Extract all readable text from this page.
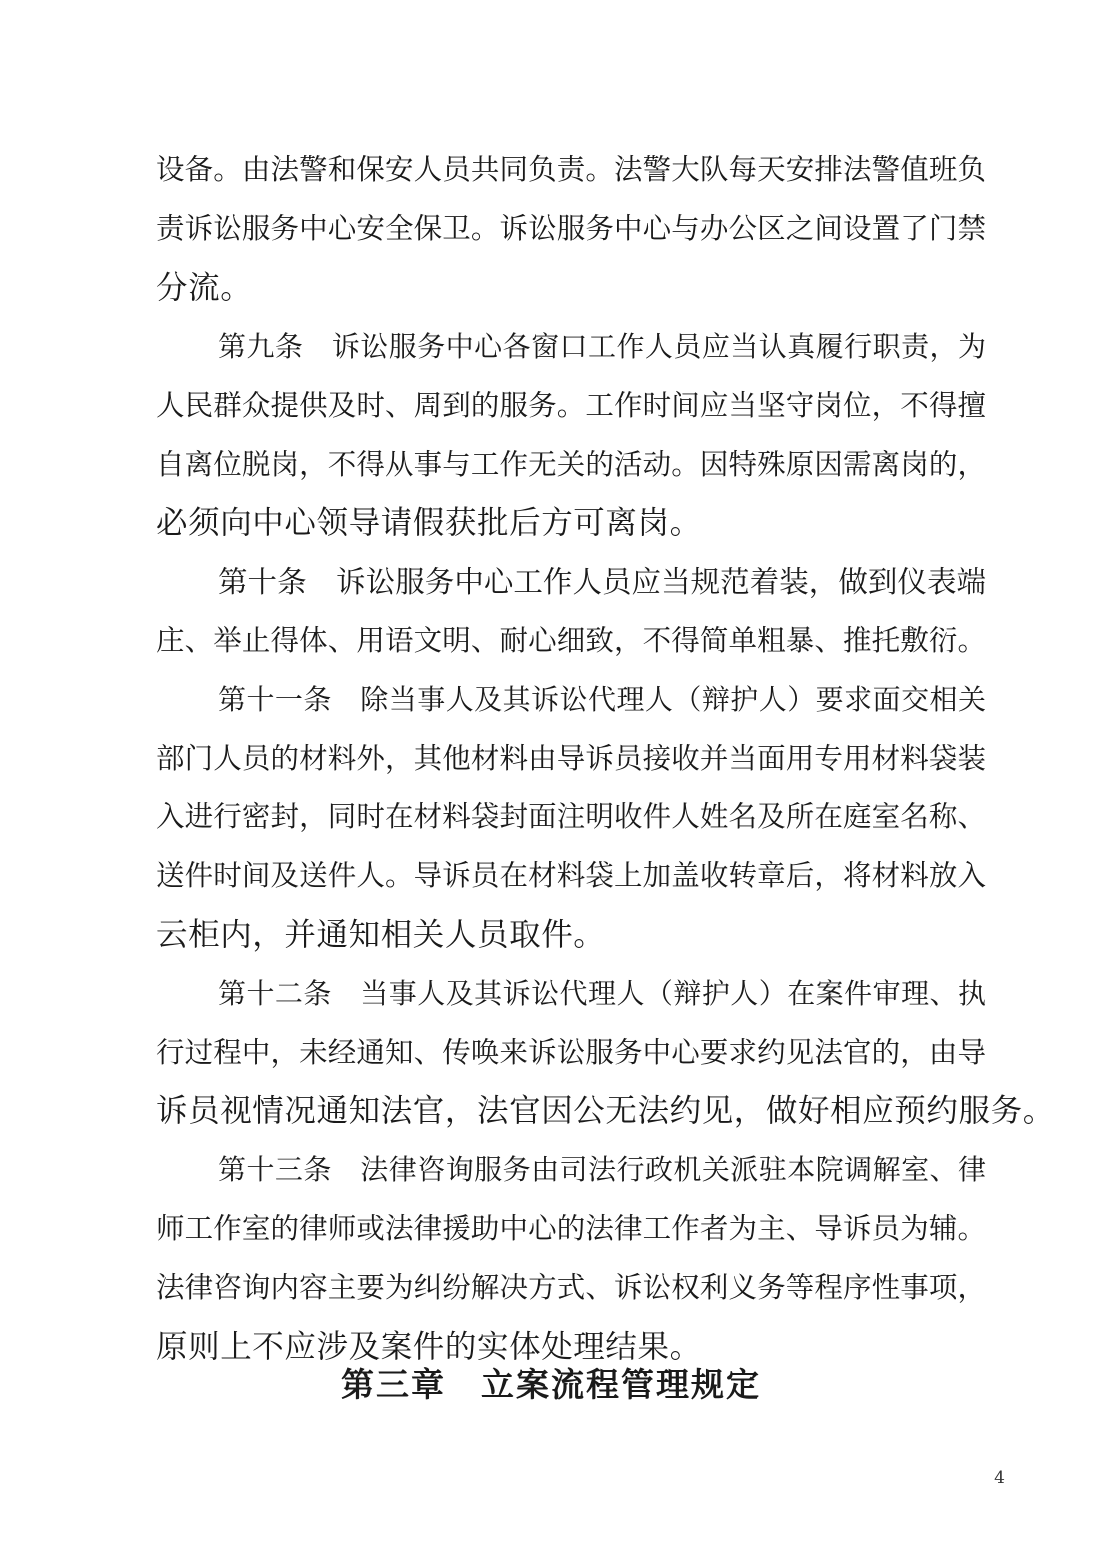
设备。由法警和保安人员共同负责。法警大队每天安排法警值班负
责诉讼服务中心安全保卫。诉讼服务中心与办公区之间设置了门禁
分流。
第九条　诉讼服务中心各窗口工作人员应当认真履行职责，为
人民群众提供及时、周到的服务。工作时间应当坚守岗位，不得擅
自离位脱岗，不得从事与工作无关的活动。因特殊原因需离岗的，
必须向中心领导请假获批后方可离岗。
第十条　诉讼服务中心工作人员应当规范着装，做到仪表端
庄、举止得体、用语文明、耐心细致，不得简单粗暴、推托敷衍。
第十一条　除当事人及其诉讼代理人（辩护人）要求面交相关
部门人员的材料外，其他材料由导诉员接收并当面用专用材料袋装
入进行密封，同时在材料袋封面注明收件人姓名及所在庭室名称、
送件时间及送件人。导诉员在材料袋上加盖收转章后，将材料放入
云柜内，并通知相关人员取件。
第十二条　当事人及其诉讼代理人（辩护人）在案件审理、执
行过程中，未经通知、传唤来诉讼服务中心要求约见法官的，由导
诉员视情况通知法官，法官因公无法约见，做好相应预约服务。
第十三条　法律咨询服务由司法行政机关派驻本院调解室、律
师工作室的律师或法律援助中心的法律工作者为主、导诉员为辅。
法律咨询内容主要为纠纷解决方式、诉讼权利义务等程序性事项，
原则上不应涉及案件的实体处理结果。
第三章　立案流程管理规定
4
